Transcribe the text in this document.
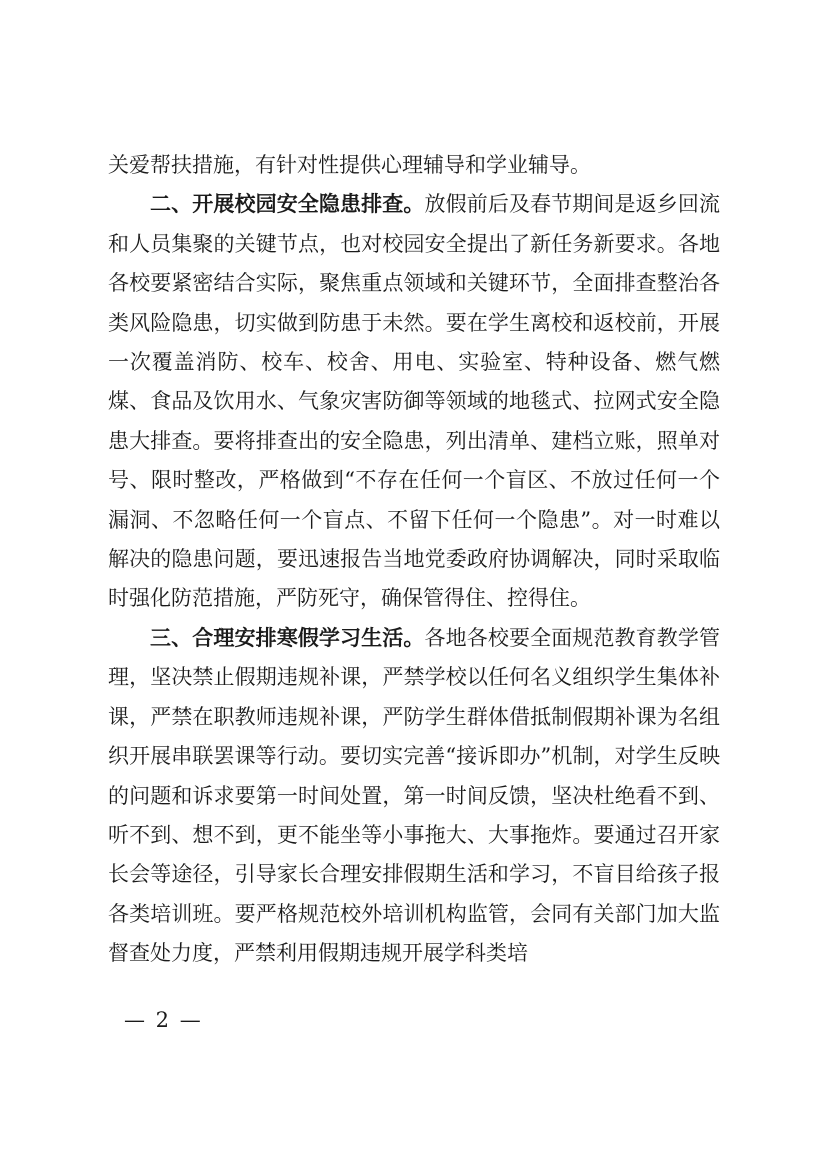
关爱帮扶措施，有针对性提供心理辅导和学业辅导。

二、开展校园安全隐患排查。放假前后及春节期间是返乡回流和人员集聚的关键节点，也对校园安全提出了新任务新要求。各地各校要紧密结合实际，聚焦重点领域和关键环节，全面排查整治各类风险隐患，切实做到防患于未然。要在学生离校和返校前，开展一次覆盖消防、校车、校舍、用电、实验室、特种设备、燃气燃煤、食品及饮用水、气象灾害防御等领域的地毯式、拉网式安全隐患大排查。要将排查出的安全隐患，列出清单、建档立账，照单对号、限时整改，严格做到“不存在任何一个盲区、不放过任何一个漏洞、不忽略任何一个盲点、不留下任何一个隐患”。对一时难以解决的隐患问题，要迅速报告当地党委政府协调解决，同时采取临时强化防范措施，严防死守，确保管得住、控得住。

三、合理安排寒假学习生活。各地各校要全面规范教育教学管理，坚决禁止假期违规补课，严禁学校以任何名义组织学生集体补课，严禁在职教师违规补课，严防学生群体借抵制假期补课为名组织开展串联罢课等行动。要切实完善“接诉即办”机制，对学生反映的问题和诉求要第一时间处置，第一时间反馈，坚决杜绝看不到、听不到、想不到，更不能坐等小事拖大、大事拖炸。要通过召开家长会等途径，引导家长合理安排假期生活和学习，不盲目给孩子报各类培训班。要严格规范校外培训机构监管，会同有关部门加大监督查处力度，严禁利用假期违规开展学科类培

— 2 —
